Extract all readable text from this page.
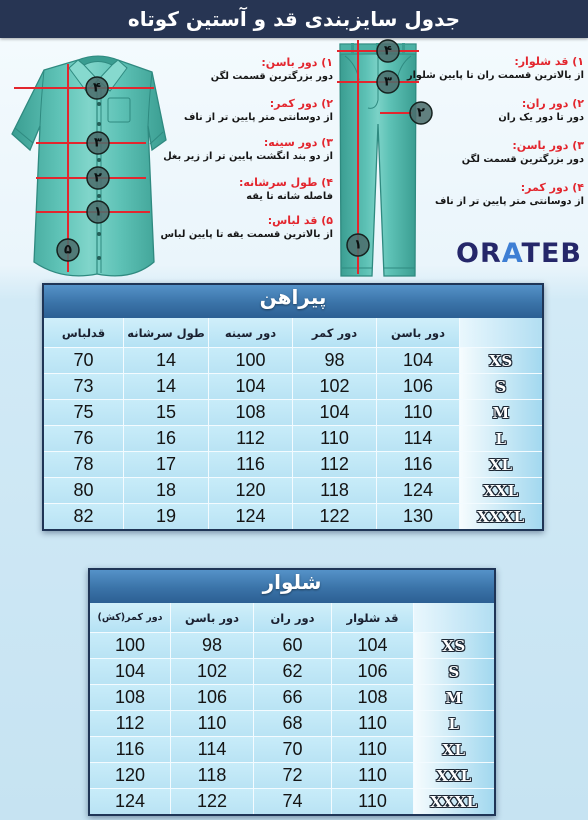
جدول سایزبندی قد و آستین کوتاه
۴
۳
۲
۱
۵
۴
۳
۲
۱
۱) دور باسن:
دور بزرگترین قسمت لگن
۲) دور کمر:
از دوسانتی متر پایین تر از ناف
۳) دور سینه:
از دو بند انگشت پایین تر از زیر بغل
۴) طول سرشانه:
فاصله شانه تا یقه
۵) قد لباس:
از بالاترین قسمت یقه تا پایین لباس
۱) قد شلوار:
از بالاترین قسمت ران تا پایین شلوار
۲) دور ران:
دور تا دور یک ران
۳) دور باسن:
دور بزرگترین قسمت لگن
۴) دور کمر:
از دوسانتی متر پایین تر از ناف
ORATEB
پیراهن
دور باسن
دور کمر
دور سینه
طول سرشانه
قدلباس
XS
104
98
100
14
70
S
106
102
104
14
73
M
110
104
108
15
75
L
114
110
112
16
76
XL
116
112
116
17
78
XXL
124
118
120
18
80
XXXL
130
122
124
19
82
شلوار
قد شلوار
دور ران
دور باسن
دور کمر(کش)
XS
104
60
98
100
S
106
62
102
104
M
108
66
106
108
L
110
68
110
112
XL
110
70
114
116
XXL
110
72
118
120
XXXL
110
74
122
124
